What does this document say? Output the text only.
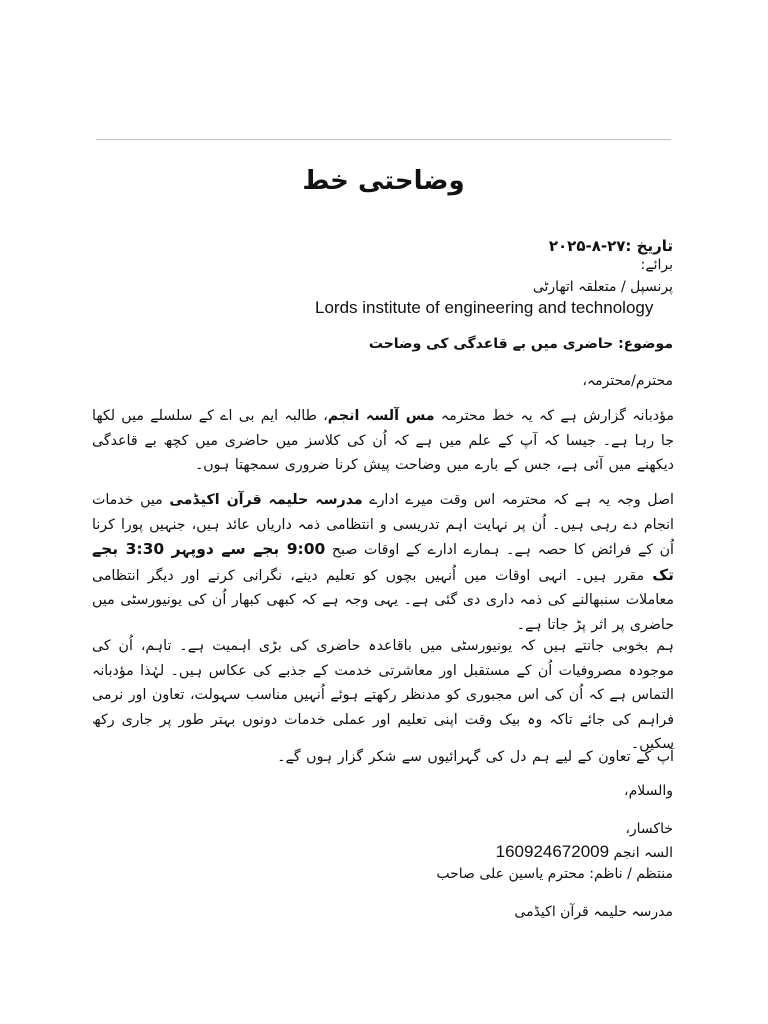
وضاحتی خط
تاریخ :۲۷-۸-۲۰۲۵
برائے:
پرنسپل / متعلقہ اتھارٹی
Lords institute of engineering and technology
موضوع: حاضری میں بے قاعدگی کی وضاحت
محترم/محترمہ،
مؤدبانہ گزارش ہے کہ یہ خط محترمہ مس آلسہ انجم، طالبہ ایم بی اے کے سلسلے میں لکھا جا رہا ہے۔ جیسا کہ آپ کے علم میں ہے کہ اُن کی کلاسز میں حاضری میں کچھ بے قاعدگی دیکھنے میں آئی ہے، جس کے بارے میں وضاحت پیش کرنا ضروری سمجھتا ہوں۔
اصل وجہ یہ ہے کہ محترمہ اس وقت میرے ادارے مدرسہ حلیمہ قرآن اکیڈمی میں خدمات انجام دے رہی ہیں۔ اُن پر نہایت اہم تدریسی و انتظامی ذمہ داریاں عائد ہیں، جنہیں پورا کرنا اُن کے فرائض کا حصہ ہے۔ ہمارے ادارے کے اوقات صبح 9:00 بجے سے دوپہر 3:30 بجے تک مقرر ہیں۔ انہی اوقات میں اُنہیں بچوں کو تعلیم دینے، نگرانی کرنے اور دیگر انتظامی معاملات سنبھالنے کی ذمہ داری دی گئی ہے۔ یہی وجہ ہے کہ کبھی کبھار اُن کی یونیورسٹی میں حاضری پر اثر پڑ جاتا ہے۔
ہم بخوبی جانتے ہیں کہ یونیورسٹی میں باقاعدہ حاضری کی بڑی اہمیت ہے۔ تاہم، اُن کی موجودہ مصروفیات اُن کے مستقبل اور معاشرتی خدمت کے جذبے کی عکاس ہیں۔ لہٰذا مؤدبانہ التماس ہے کہ اُن کی اس مجبوری کو مدنظر رکھتے ہوئے اُنہیں مناسب سہولت، تعاون اور نرمی فراہم کی جائے تاکہ وہ بیک وقت اپنی تعلیم اور عملی خدمات دونوں بہتر طور پر جاری رکھ سکیں۔
آپ کے تعاون کے لیے ہم دل کی گہرائیوں سے شکر گزار ہوں گے۔
والسلام،
خاکسار،
السہ انجم 160924672009
منتظم / ناظم: محترم یاسین علی صاحب
مدرسہ حلیمہ قرآن اکیڈمی
